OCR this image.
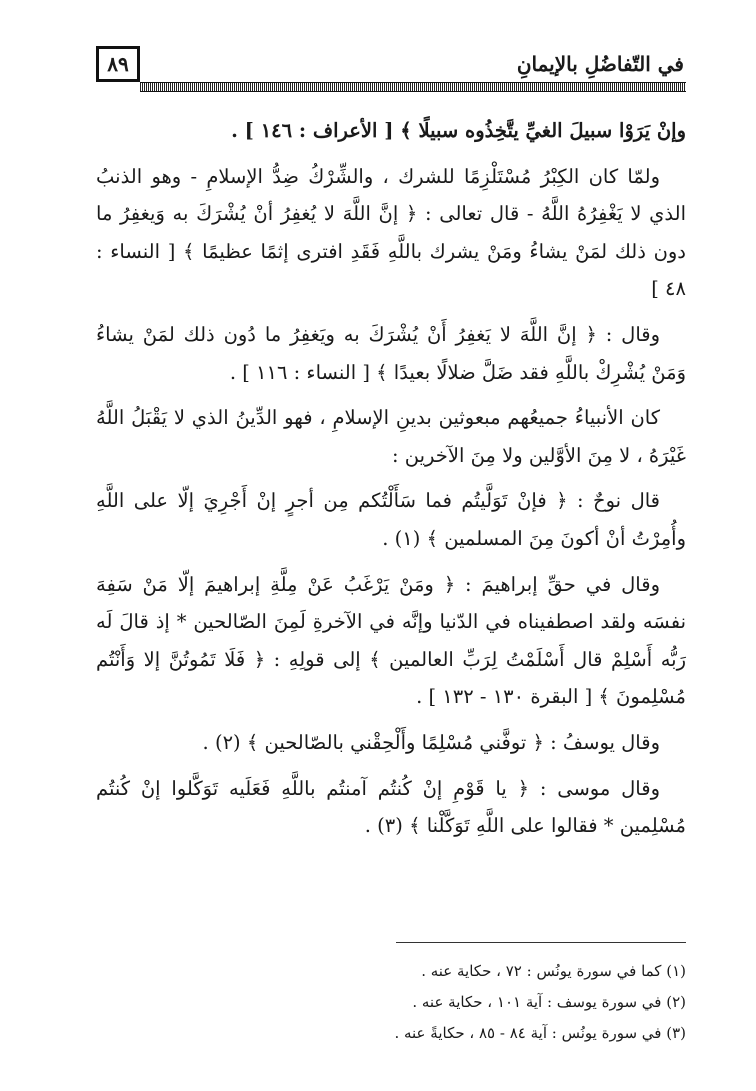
٨٩	في التّفاضُلِ بالإيمانِ

وإنْ يَرَوْا سبيلَ الغيِّ يتَّخِذُوه سبيلًا ﴾ [ الأعراف : ١٤٦ ] .

ولمّا كان الكِبْرُ مُسْتَلْزِمًا للشرك ، والشِّرْكُ ضِدُّ الإسلامِ - وهو الذنبُ الذي لا يَغْفِرُهُ اللَّهُ - قال تعالى : ﴿ إنَّ اللَّهَ لا يُغفِرُ أنْ يُشْرَكَ به وَيغفِرُ ما دون ذلك لمَنْ يشاءُ ومَنْ يشرك باللَّهِ فَقَدِ افترى إثمًا عظيمًا ﴾ [ النساء : ٤٨ ]

وقال : ﴿ إنَّ اللَّهَ لا يَغفِرُ أَنْ يُشْرَكَ به ويَغفِرُ ما دُون ذلك لمَنْ يشاءُ وَمَنْ يُشْرِكْ باللَّهِ فقد ضَلَّ ضلالًا بعيدًا ﴾ [ النساء : ١١٦ ] .

كان الأنبياءُ جميعُهم مبعوثين بدينِ الإسلامِ ، فهو الدِّينُ الذي لا يَقْبَلُ اللَّهُ غَيْرَهُ ، لا مِنَ الأوَّلين ولا مِنَ الآخرين :

قال نوحٌ : ﴿ فإنْ تَوَلَّيتُم فما سَأَلْتُكم مِن أجرٍ إنْ أَجْرِيَ إلّا على اللَّهِ وأُمِرْتُ أنْ أكونَ مِنَ المسلمين ﴾ (١) .

وقال في حقِّ إبراهيمَ : ﴿ ومَنْ يَرْغَبُ عَنْ مِلَّةِ إبراهيمَ إلّا مَنْ سَفِهَ نفسَه ولقد اصطفيناه في الدّنيا وإنَّه في الآخرةِ لَمِنَ الصّالحين * إذ قالَ لَه رَبُّه أَسْلِمْ قال أَسْلَمْتُ لِرَبِّ العالمين ﴾ إلى قولِهِ : ﴿ فَلَا تَمُوتُنَّ إلا وَأَنْتُم مُسْلِمونَ ﴾ [ البقرة ١٣٠ - ١٣٢ ] .

وقال يوسفُ : ﴿ توفَّني مُسْلِمًا وأَلْحِقْني بالصّالحين ﴾ (٢) .

وقال موسى : ﴿ يا قَوْمِ إنْ كُنتُم آمنتُم باللَّهِ فَعَلَيه تَوَكَّلوا إنْ كُنتُم مُسْلِمين * فقالوا على اللَّهِ تَوَكَّلْنا ﴾ (٣) .

(١) كما في سورة يونُس : ٧٢ ، حكاية عنه .

(٢) في سورة يوسف : آية ١٠١ ، حكاية عنه .

(٣) في سورة يونُس : آية ٨٤ - ٨٥ ، حكايةً عنه .
